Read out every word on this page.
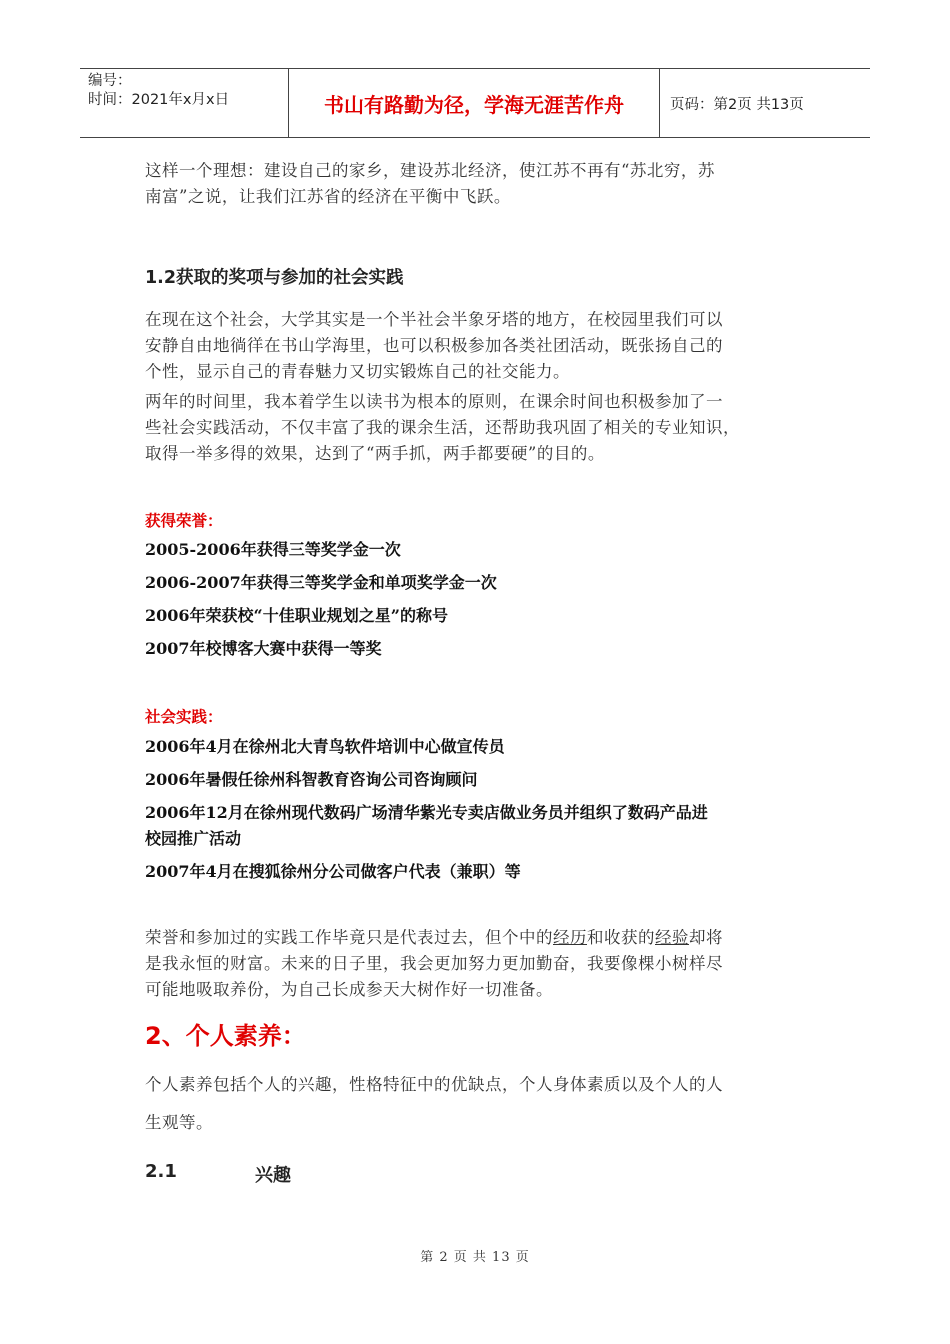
编号：
时间：2021年x月x日	书山有路勤为径，学海无涯苦作舟	页码：第2页 共13页

这样一个理想：建设自己的家乡，建设苏北经济，使江苏不再有“苏北穷，苏

南富”之说，让我们江苏省的经济在平衡中飞跃。

1.2获取的奖项与参加的社会实践

在现在这个社会，大学其实是一个半社会半象牙塔的地方，在校园里我们可以

安静自由地徜徉在书山学海里，也可以积极参加各类社团活动，既张扬自己的

个性，显示自己的青春魅力又切实锻炼自己的社交能力。

两年的时间里，我本着学生以读书为根本的原则，在课余时间也积极参加了一

些社会实践活动，不仅丰富了我的课余生活，还帮助我巩固了相关的专业知识，

取得一举多得的效果，达到了“两手抓，两手都要硬”的目的。

获得荣誉：

2005-2006年获得三等奖学金一次

2006-2007年获得三等奖学金和单项奖学金一次

2006年荣获校“十佳职业规划之星”的称号

2007年校博客大赛中获得一等奖

社会实践：

2006年4月在徐州北大青鸟软件培训中心做宣传员

2006年暑假任徐州科智教育咨询公司咨询顾问

2006年12月在徐州现代数码广场清华紫光专卖店做业务员并组织了数码产品进

校园推广活动

2007年4月在搜狐徐州分公司做客户代表（兼职）等

荣誉和参加过的实践工作毕竟只是代表过去，但个中的经历和收获的经验却将

是我永恒的财富。未来的日子里，我会更加努力更加勤奋，我要像棵小树样尽

可能地吸取养份，为自己长成参天大树作好一切准备。

2、个人素养：

个人素养包括个人的兴趣，性格特征中的优缺点，个人身体素质以及个人的人

生观等。

2.1	兴趣
第 2 页 共 13 页
